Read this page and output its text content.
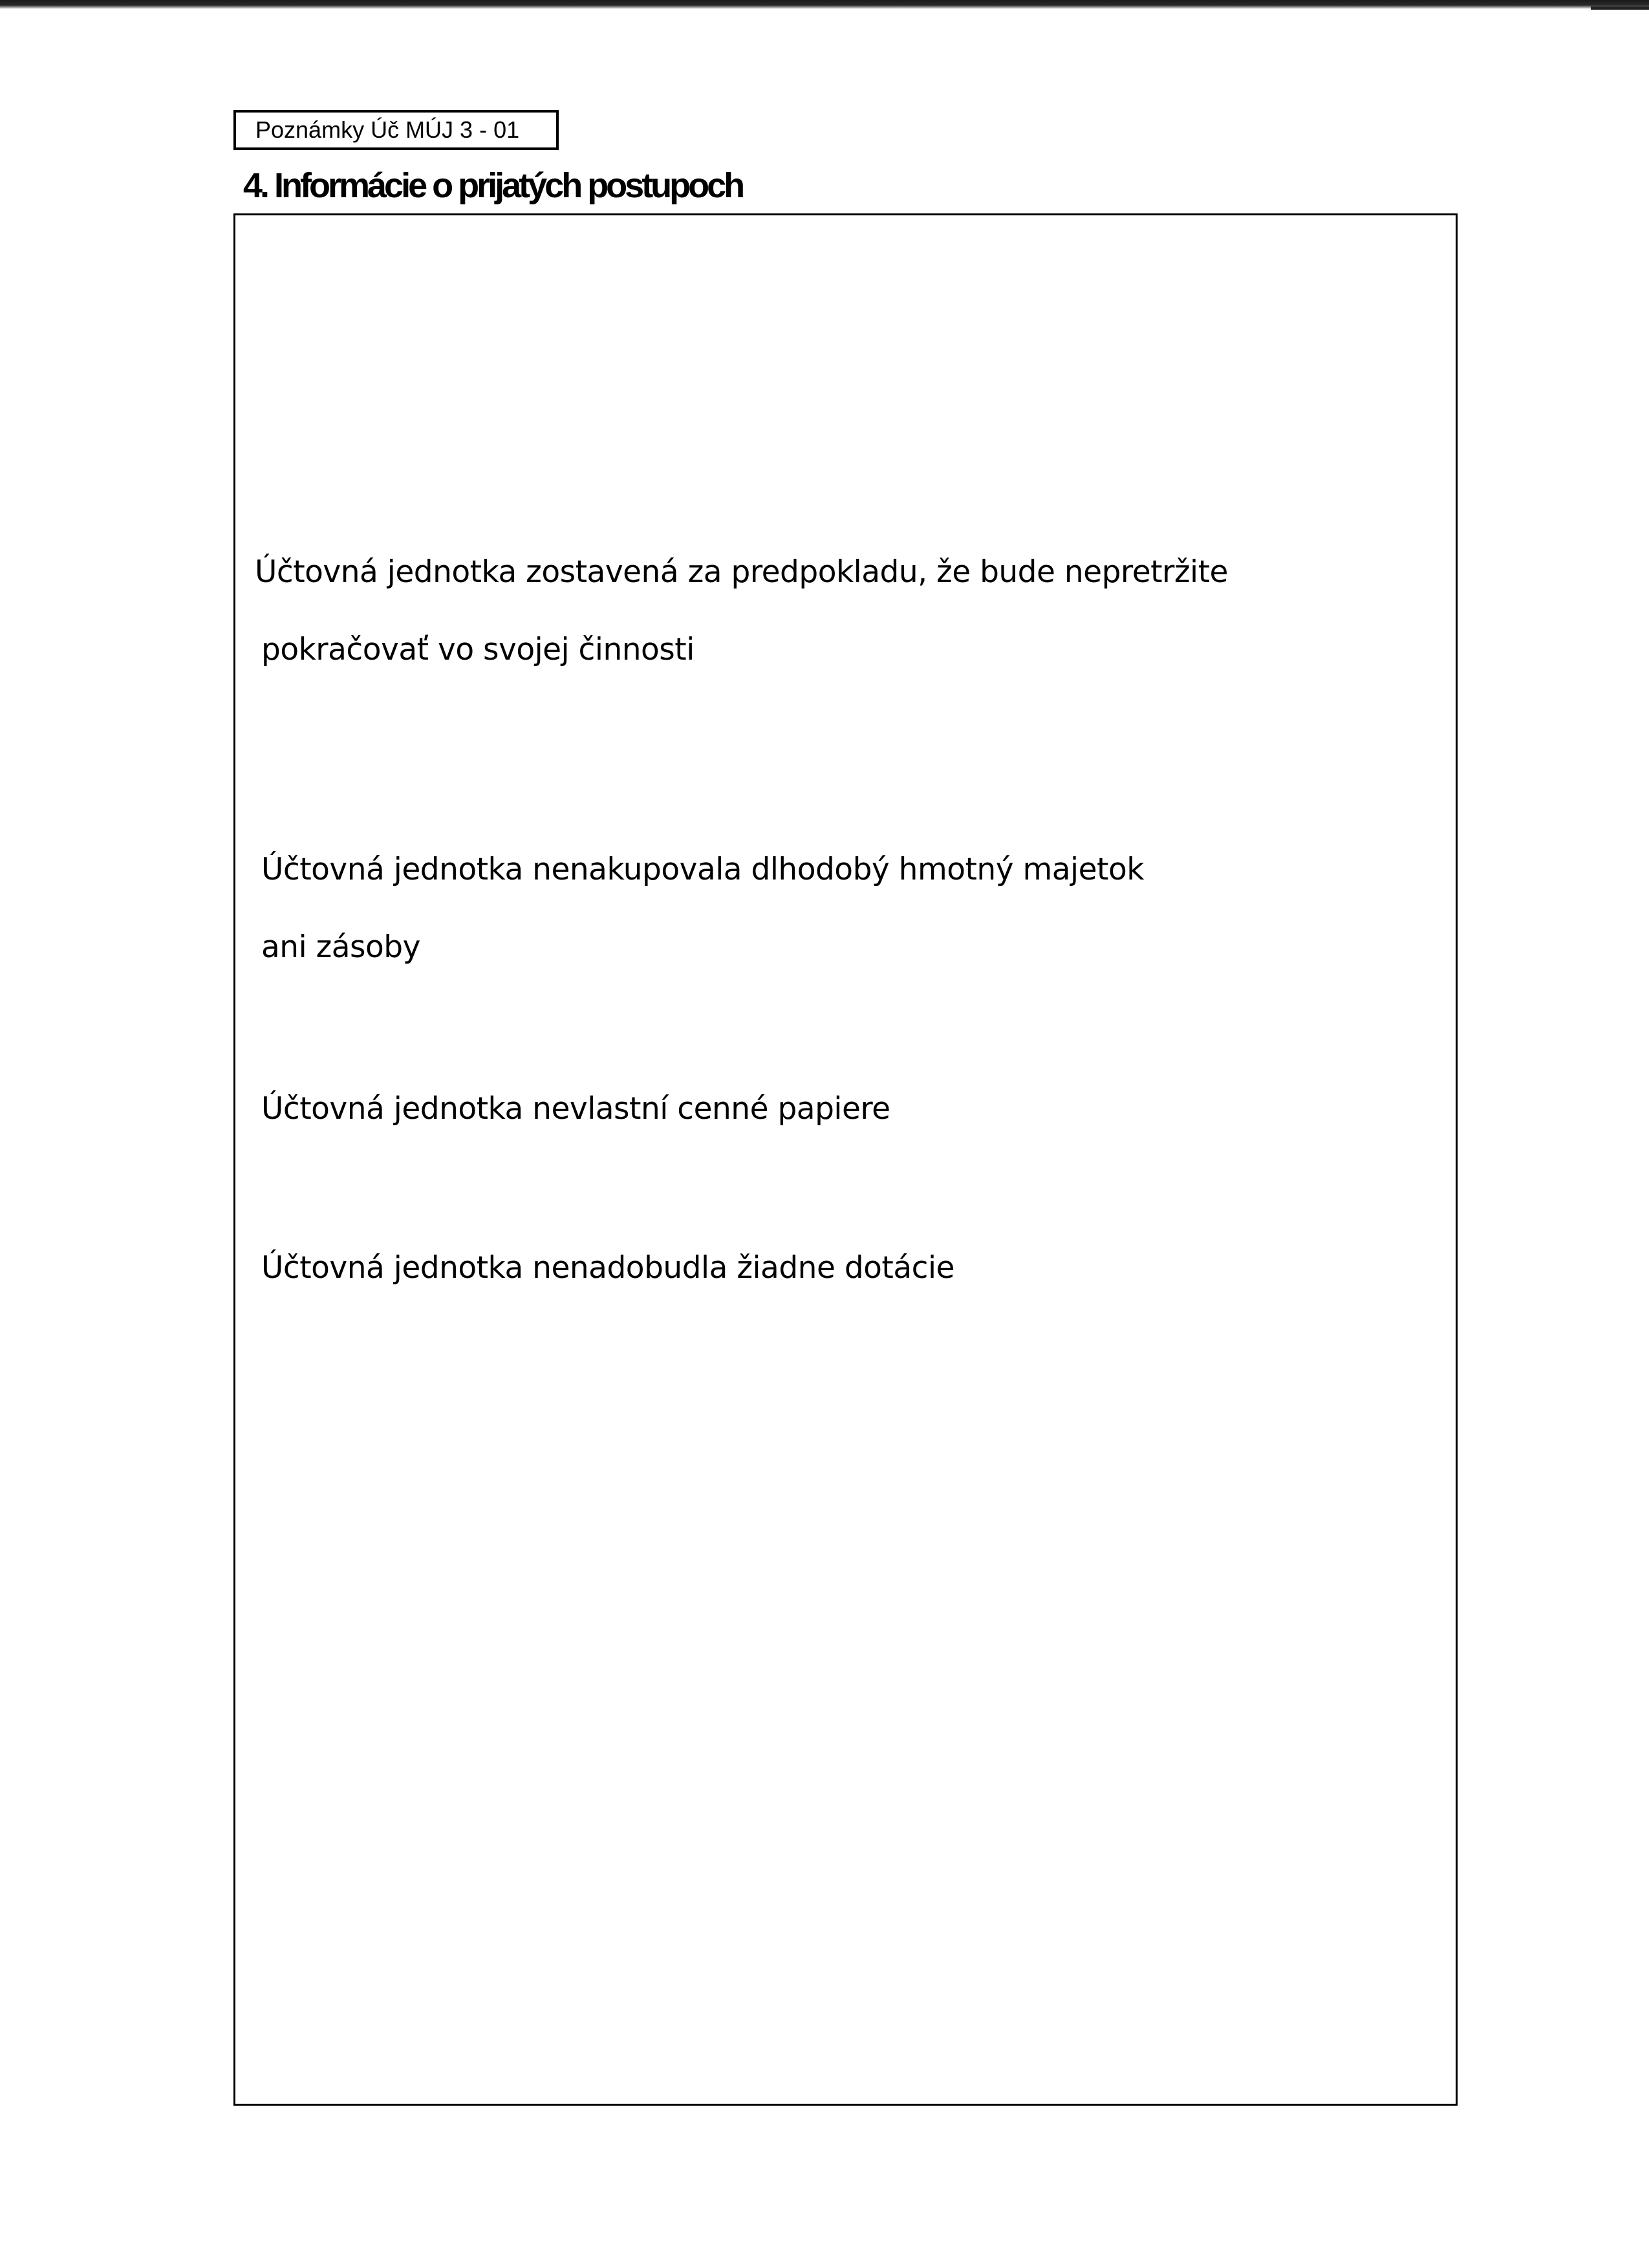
Poznámky Úč MÚJ 3 - 01
4. Informácie o prijatých postupoch
Účtovná jednotka zostavená za predpokladu, že bude nepretržite
pokračovať vo svojej činnosti
Účtovná jednotka nenakupovala dlhodobý hmotný majetok
ani zásoby
Účtovná jednotka nevlastní cenné papiere
Účtovná jednotka nenadobudla žiadne dotácie
